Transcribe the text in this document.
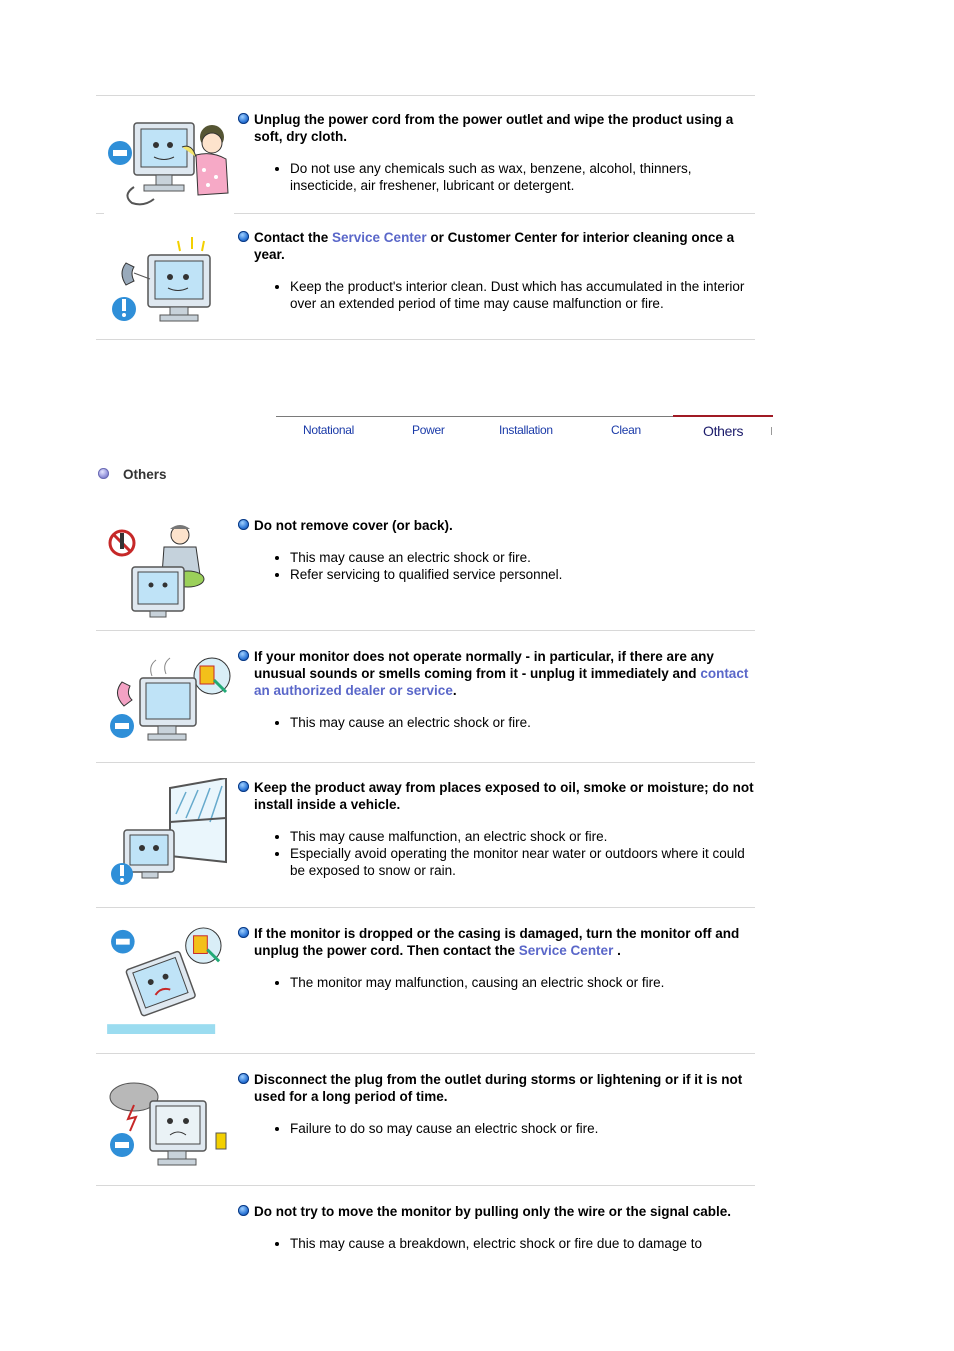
Unplug the power cord from the power outlet and wipe the product using a soft, dry cloth.
• Do not use any chemicals such as wax, benzene, alcohol, thinners, insecticide, air freshener, lubricant or detergent.
Contact the Service Center or Customer Center for interior cleaning once a year.
• Keep the product's interior clean. Dust which has accumulated in the interior over an extended period of time may cause malfunction or fire.
Notational	Power	Installation	Clean	Others
Others
Do not remove cover (or back).
• This may cause an electric shock or fire.
• Refer servicing to qualified service personnel.
If your monitor does not operate normally - in particular, if there are any unusual sounds or smells coming from it - unplug it immediately and contact an authorized dealer or service.
• This may cause an electric shock or fire.
Keep the product away from places exposed to oil, smoke or moisture; do not install inside a vehicle.
• This may cause malfunction, an electric shock or fire.
• Especially avoid operating the monitor near water or outdoors where it could be exposed to snow or rain.
If the monitor is dropped or the casing is damaged, turn the monitor off and unplug the power cord. Then contact the Service Center .
• The monitor may malfunction, causing an electric shock or fire.
Disconnect the plug from the outlet during storms or lightening or if it is not used for a long period of time.
• Failure to do so may cause an electric shock or fire.
Do not try to move the monitor by pulling only the wire or the signal cable.
• This may cause a breakdown, electric shock or fire due to damage to
